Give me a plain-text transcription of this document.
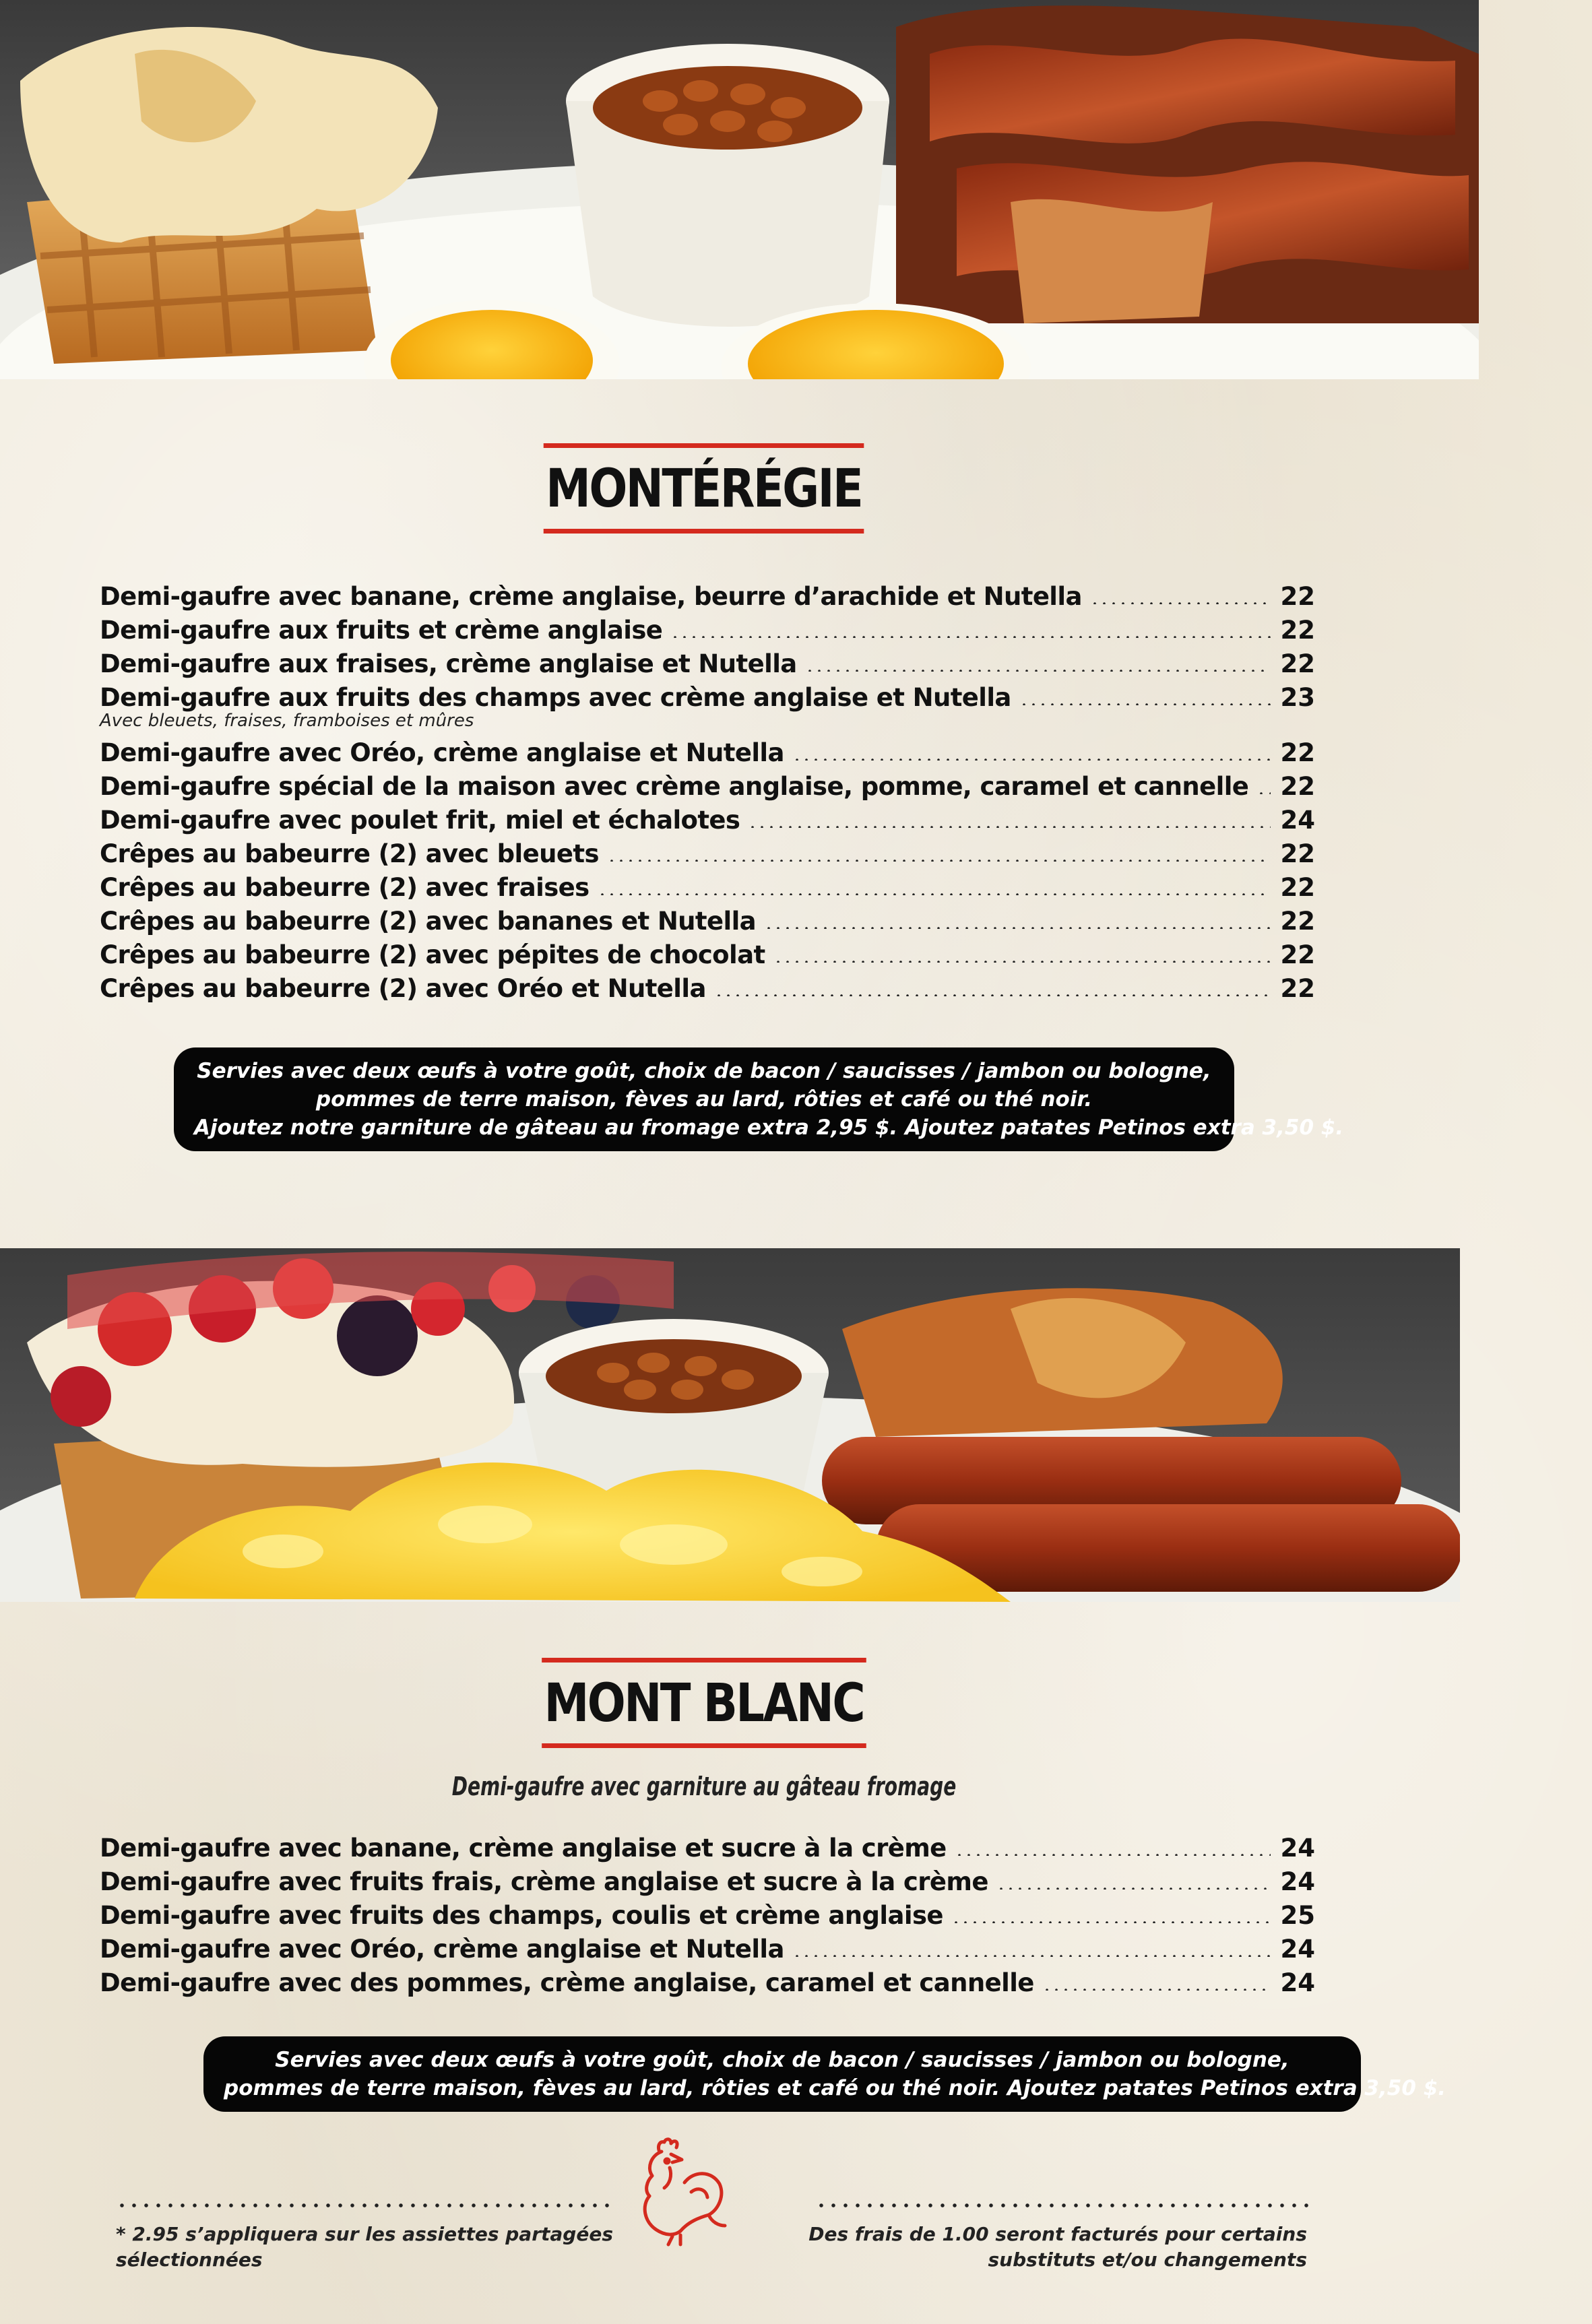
MONTÉRÉGIE
Demi-gaufre avec banane, crème anglaise, beurre d’arachide et Nutella	22
Demi-gaufre aux fruits et crème anglaise	22
Demi-gaufre aux fraises, crème anglaise et Nutella	22
Demi-gaufre aux fruits des champs avec crème anglaise et Nutella	23
Avec bleuets, fraises, framboises et mûres
Demi-gaufre avec Oréo, crème anglaise et Nutella	22
Demi-gaufre spécial de la maison avec crème anglaise, pomme, caramel et cannelle 22
Demi-gaufre avec poulet frit, miel et échalotes	24
Crêpes au babeurre (2) avec bleuets	22
Crêpes au babeurre (2) avec fraises	22
Crêpes au babeurre (2) avec bananes et Nutella	22
Crêpes au babeurre (2) avec pépites de chocolat	22
Crêpes au babeurre (2) avec Oréo et Nutella	22
Servies avec deux œufs à votre goût, choix de bacon / saucisses / jambon ou bologne,
pommes de terre maison, fèves au lard, rôties et café ou thé noir.
Ajoutez notre garniture de gâteau au fromage extra 2,95 $. Ajoutez patates Petinos extra 3,50 $.
MONT BLANC
Demi-gaufre avec garniture au gâteau fromage
Demi-gaufre avec banane, crème anglaise et sucre à la crème	24
Demi-gaufre avec fruits frais, crème anglaise et sucre à la crème	24
Demi-gaufre avec fruits des champs, coulis et crème anglaise	25
Demi-gaufre avec Oréo, crème anglaise et Nutella	24
Demi-gaufre avec des pommes, crème anglaise, caramel et cannelle	24
Servies avec deux œufs à votre goût, choix de bacon / saucisses / jambon ou bologne,
pommes de terre maison, fèves au lard, rôties et café ou thé noir. Ajoutez patates Petinos extra 3,50 $.
* 2.95 s’appliquera sur les assiettes partagées
sélectionnées
Des frais de 1.00 seront facturés pour certains
substituts et/ou changements
